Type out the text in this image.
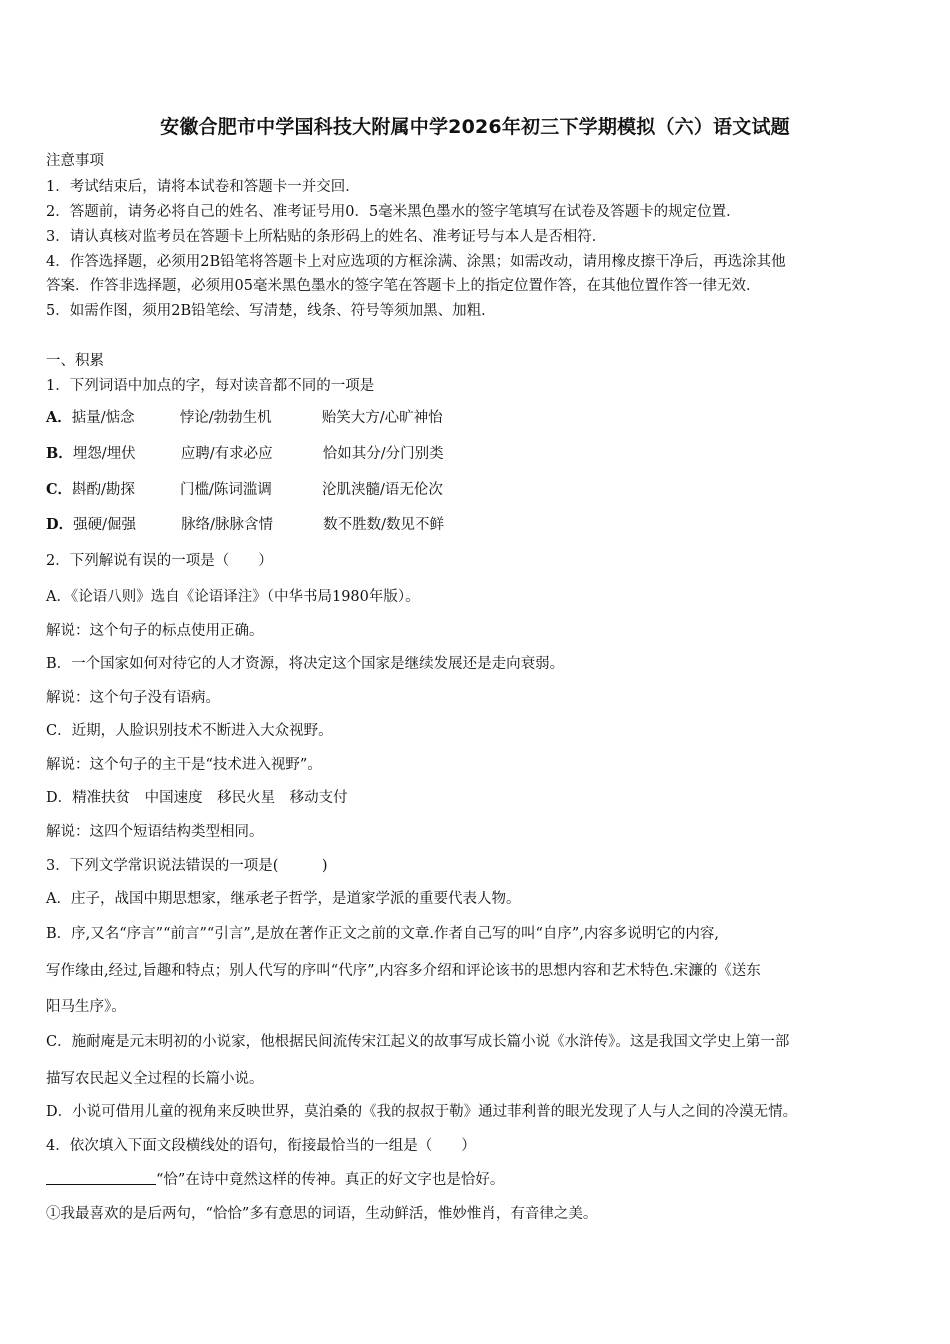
安徽合肥市中学国科技大附属中学2026年初三下学期模拟（六）语文试题
注意事项
1．考试结束后，请将本试卷和答题卡一并交回．
2．答题前，请务必将自己的姓名、准考证号用0．5毫米黑色墨水的签字笔填写在试卷及答题卡的规定位置．
3．请认真核对监考员在答题卡上所粘贴的条形码上的姓名、准考证号与本人是否相符．
4．作答选择题，必须用2B铅笔将答题卡上对应选项的方框涂满、涂黑；如需改动，请用橡皮擦干净后，再选涂其他
答案．作答非选择题，必须用05毫米黑色墨水的签字笔在答题卡上的指定位置作答，在其他位置作答一律无效．
5．如需作图，须用2B铅笔绘、写清楚，线条、符号等须加黑、加粗．
一、积累
1．下列词语中加点的字，每对读音都不同的一项是
A．掂量/惦念	悖论/勃勃生机	贻笑大方/心旷神怡
B．埋怨/埋伏	应聘/有求必应	恰如其分/分门别类
C．斟酌/勘探	门槛/陈词滥调	沦肌浃髓/语无伦次
D．强硬/倔强	脉络/脉脉含情	数不胜数/数见不鲜
2．下列解说有误的一项是（　　）
A．《论语八则》选自《论语译注》（中华书局1980年版）。
解说：这个句子的标点使用正确。
B．一个国家如何对待它的人才资源，将决定这个国家是继续发展还是走向衰弱。
解说：这个句子没有语病。
C．近期，人脸识别技术不断进入大众视野。
解说：这个句子的主干是“技术进入视野”。
D．精准扶贫　中国速度　移民火星　移动支付
解说：这四个短语结构类型相同。
3．下列文学常识说法错误的一项是(　　　)
A．庄子，战国中期思想家，继承老子哲学，是道家学派的重要代表人物。
B．序,又名“序言”“前言”“引言”,是放在著作正文之前的文章.作者自己写的叫“自序”,内容多说明它的内容,
写作缘由,经过,旨趣和特点；别人代写的序叫“代序”,内容多介绍和评论该书的思想内容和艺术特色.宋濂的《送东
阳马生序》。
C．施耐庵是元末明初的小说家，他根据民间流传宋江起义的故事写成长篇小说《水浒传》。这是我国文学史上第一部
描写农民起义全过程的长篇小说。
D．小说可借用儿童的视角来反映世界，莫泊桑的《我的叔叔于勒》通过菲利普的眼光发现了人与人之间的冷漠无情。
4．依次填入下面文段横线处的语句，衔接最恰当的一组是（　　）
“恰”在诗中竟然这样的传神。真正的好文字也是恰好。
①我最喜欢的是后两句，“恰恰”多有意思的词语，生动鲜活，惟妙惟肖，有音律之美。
